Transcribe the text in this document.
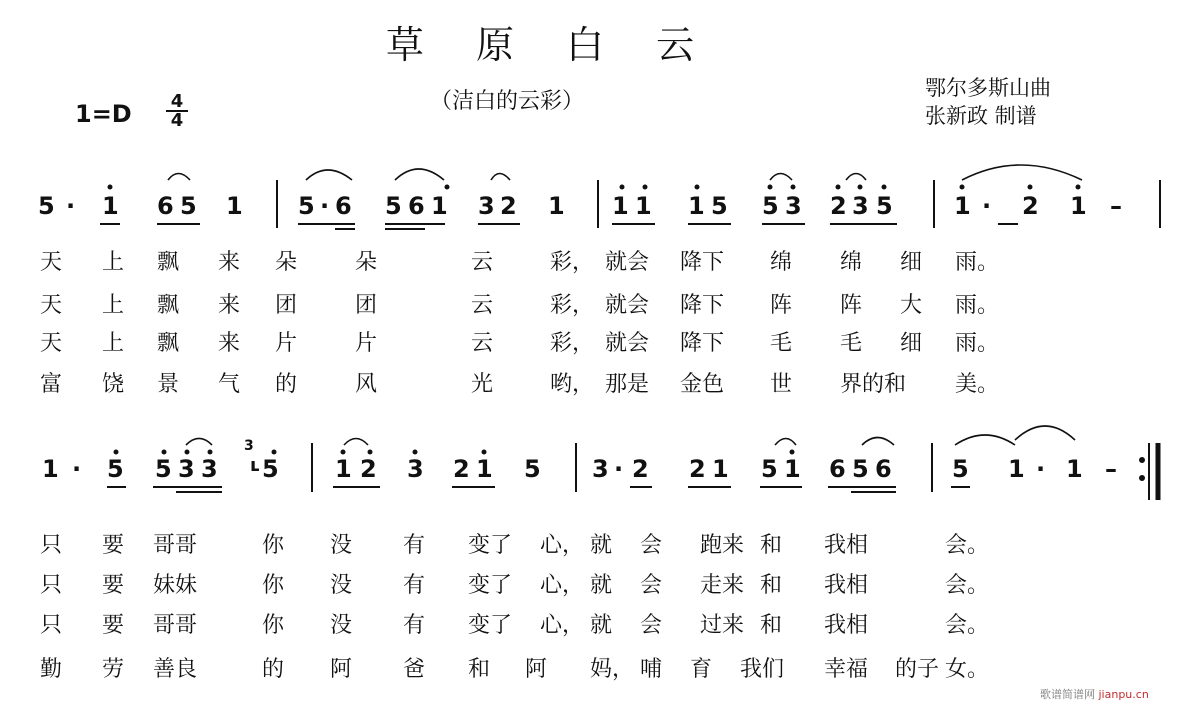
草 原 白 云
（洁白的云彩）
1=D 4
4
鄂尔多斯山曲
张新政 制谱
3
5 · 1 6 5 1 5 · 6 5 6 1 3 2 1 1 1 1 5 5 3 2 3 5	1 · 2 1 –
1 · 5 5 3 3 ʟ 5 1 2 3 2 1 5 3 · 2 2 1 5 1 6 5 6	5 1 · 1 –
天 上 飘 来 朵	朵	云	彩， 就会 降下 绵 绵 细 雨。
天 上 飘 来 团	团	云	彩， 就会 降下 阵 阵 大 雨。
天 上 飘 来 片	片	云	彩， 就会 降下 毛 毛 细 雨。
富 饶 景 气 的	风	光	哟， 那是 金色 世 界的和 美。
只 要 哥哥	你 没 有 变了 心， 就 会 跑来 和 我相	会。
只 要 妹妹	你 没 有 变了 心， 就 会 走来 和 我相	会。
只 要 哥哥	你 没 有 变了 心， 就 会 过来 和 我相	会。
勤 劳 善良	的 阿 爸 和 阿 妈， 哺 育 我们 幸福 的子 女。
歌谱简谱网 jianpu.cn
